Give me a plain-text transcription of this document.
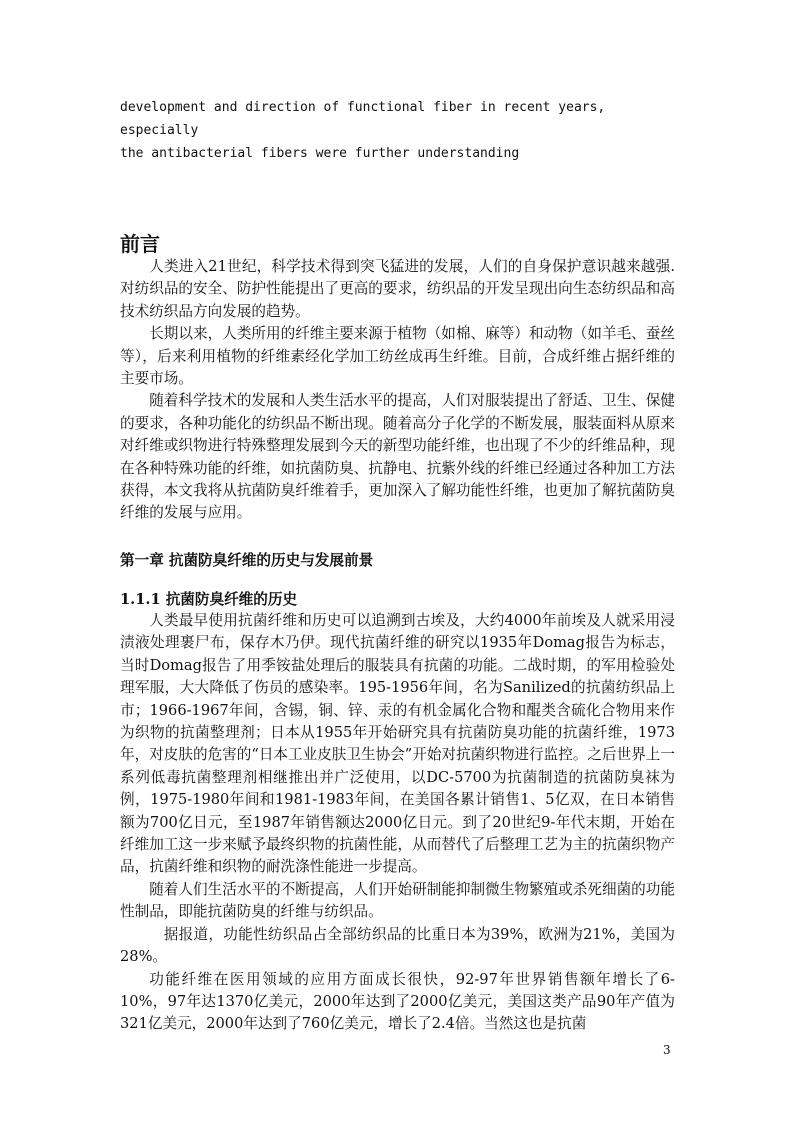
development and direction of functional fiber in recent years, especially
the antibacterial fibers were further understanding
前言

人类进入21世纪，科学技术得到突飞猛进的发展，人们的自身保护意识越来越强. 对纺织品的安全、防护性能提出了更高的要求，纺织品的开发呈现出向生态纺织品和高技术纺织品方向发展的趋势。

长期以来，人类所用的纤维主要来源于植物（如棉、麻等）和动物（如羊毛、蚕丝等），后来利用植物的纤维素经化学加工纺丝成再生纤维。目前，合成纤维占据纤维的主要市场。

随着科学技术的发展和人类生活水平的提高，人们对服装提出了舒适、卫生、保健的要求，各种功能化的纺织品不断出现。随着高分子化学的不断发展，服装面料从原来对纤维或织物进行特殊整理发展到今天的新型功能纤维，也出现了不少的纤维品种，现在各种特殊功能的纤维，如抗菌防臭、抗静电、抗紫外线的纤维已经通过各种加工方法获得，本文我将从抗菌防臭纤维着手，更加深入了解功能性纤维，也更加了解抗菌防臭纤维的发展与应用。

第一章 抗菌防臭纤维的历史与发展前景
1.1.1 抗菌防臭纤维的历史

人类最早使用抗菌纤维和历史可以追溯到古埃及，大约4000年前埃及人就采用浸渍液处理裹尸布，保存木乃伊。现代抗菌纤维的研究以1935年Domag报告为标志，当时Domag报告了用季铵盐处理后的服装具有抗菌的功能。二战时期，的军用检验处理军服，大大降低了伤员的感染率。195-1956年间，名为Sanilized的抗菌纺织品上市；1966-1967年间，含锡，铜、锌、汞的有机金属化合物和醌类含硫化合物用来作为织物的抗菌整理剂；日本从1955年开始研究具有抗菌防臭功能的抗菌纤维，1973年，对皮肤的危害的“日本工业皮肤卫生协会”开始对抗菌织物进行监控。之后世界上一系列低毒抗菌整理剂相继推出并广泛使用，以DC-5700为抗菌制造的抗菌防臭袜为例，1975-1980年间和1981-1983年间，在美国各累计销售1、5亿双，在日本销售额为700亿日元，至1987年销售额达2000亿日元。到了20世纪9-年代末期，开始在纤维加工这一步来赋予最终织物的抗菌性能，从而替代了后整理工艺为主的抗菌织物产品，抗菌纤维和织物的耐洗涤性能进一步提高。

随着人们生活水平的不断提高，人们开始研制能抑制微生物繁殖或杀死细菌的功能性制品，即能抗菌防臭的纤维与纺织品。

据报道，功能性纺织品占全部纺织品的比重日本为39%，欧洲为21%，美国为28%。

功能纤维在医用领域的应用方面成长很快，92-97年世界销售额年增长了6-10%，97年达1370亿美元，2000年达到了2000亿美元，美国这类产品90年产值为321亿美元，2000年达到了760亿美元，增长了2.4倍。当然这也是抗菌

3
